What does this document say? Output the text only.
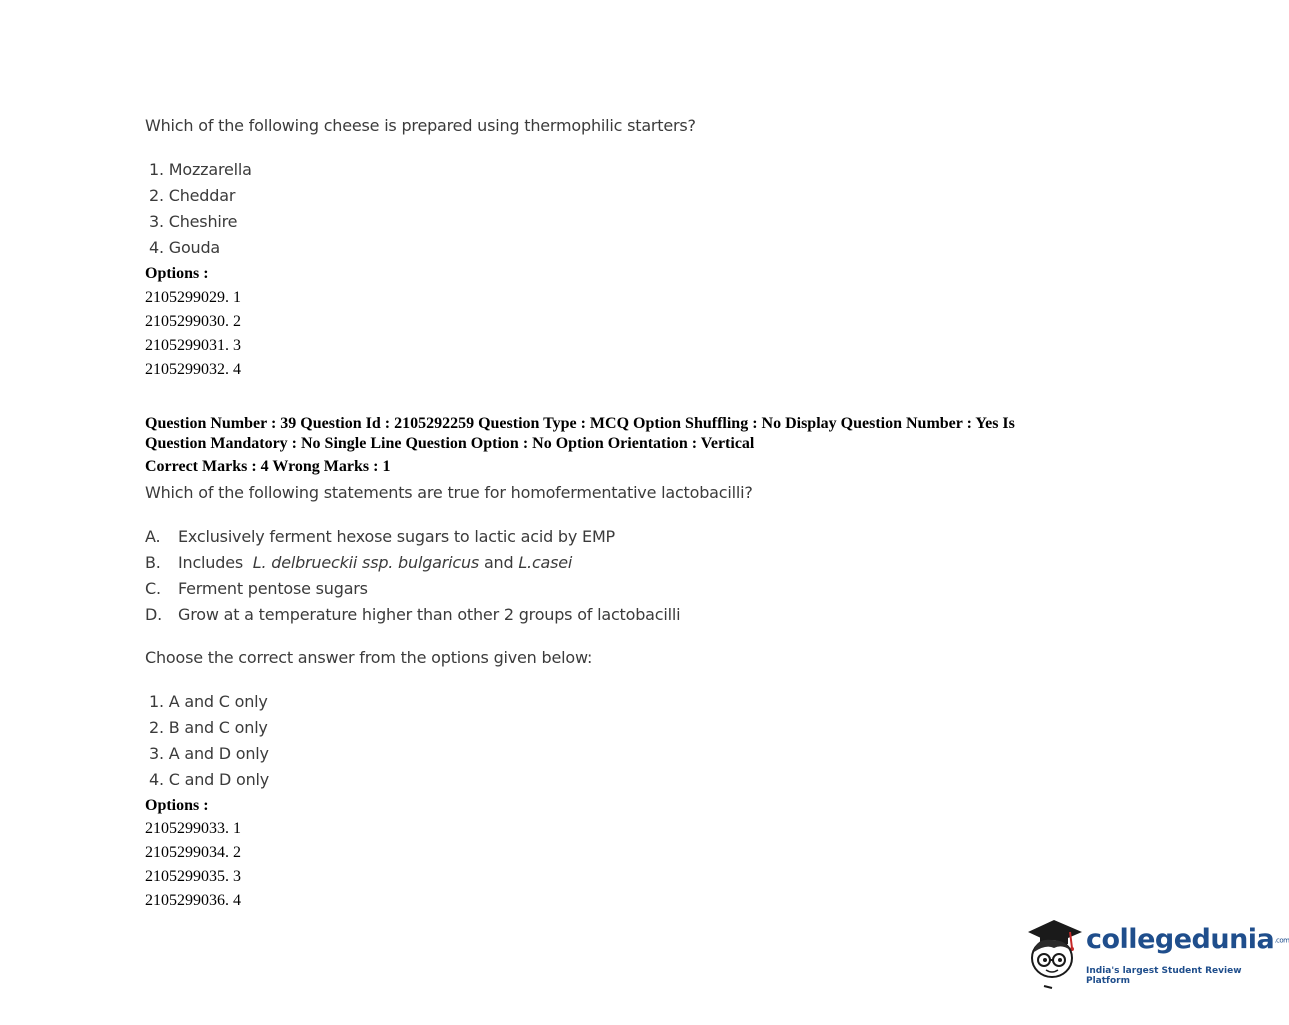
Which of the following cheese is prepared using thermophilic starters?
1. Mozzarella
2. Cheddar
3. Cheshire
4. Gouda
Options :
2105299029. 1
2105299030. 2
2105299031. 3
2105299032. 4
Question Number : 39 Question Id : 2105292259 Question Type : MCQ Option Shuffling : No Display Question Number : Yes Is
Question Mandatory : No Single Line Question Option : No Option Orientation : Vertical
Correct Marks : 4 Wrong Marks : 1
Which of the following statements are true for homofermentative lactobacilli?
A. Exclusively ferment hexose sugars to lactic acid by EMP
B. Includes  L. delbrueckii ssp. bulgaricus and L.casei
C. Ferment pentose sugars
D. Grow at a temperature higher than other 2 groups of lactobacilli
Choose the correct answer from the options given below:
1. A and C only
2. B and C only
3. A and D only
4. C and D only
Options :
2105299033. 1
2105299034. 2
2105299035. 3
2105299036. 4
collegedunia.com
India's largest Student Review Platform
